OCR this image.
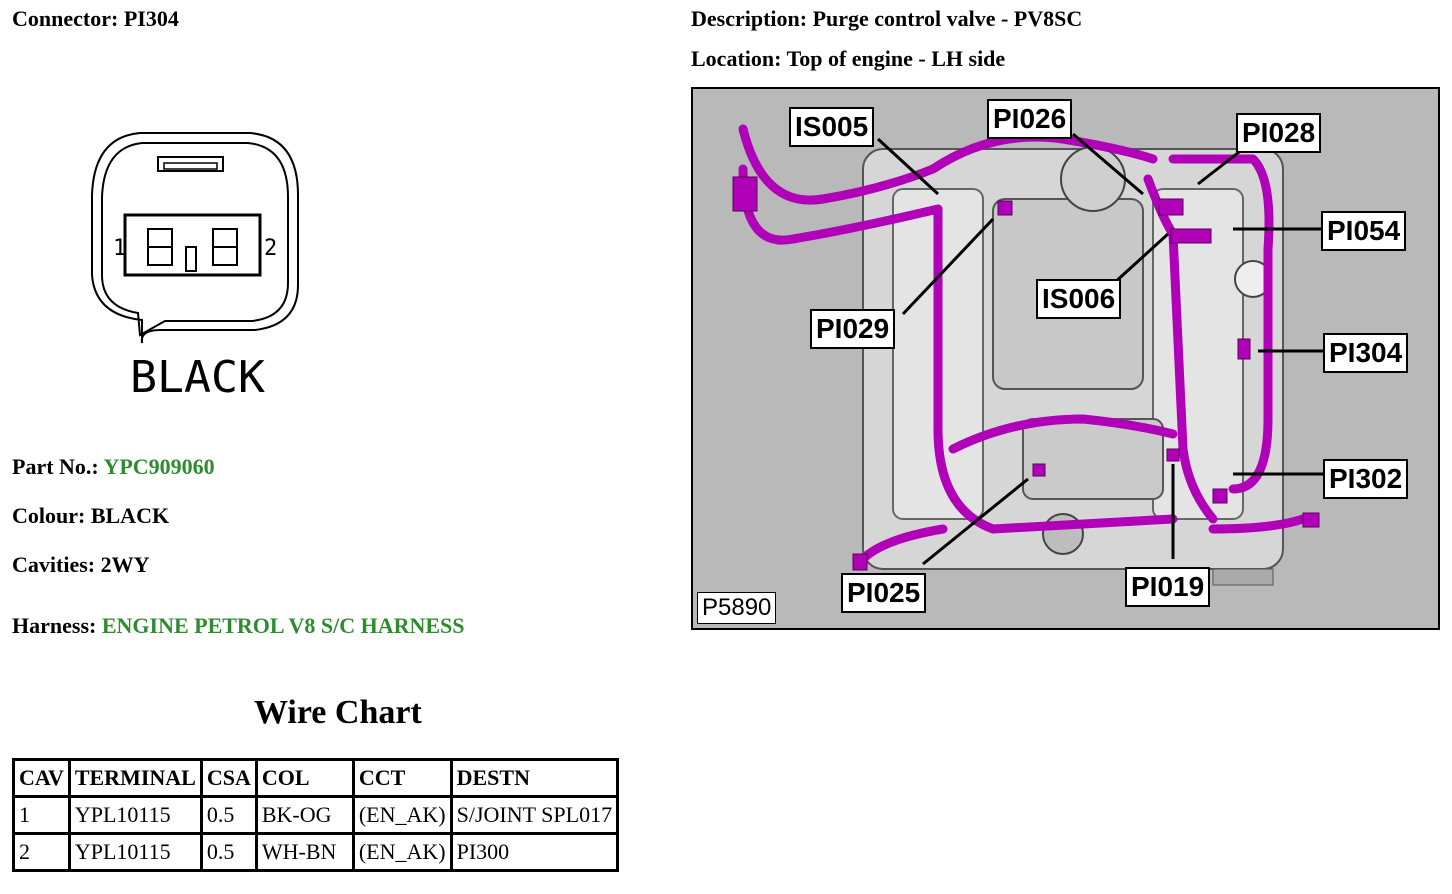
Connector: PI304	Description: Purge control valve - PV8SC
Location: Top of engine - LH side
1	2
BLACK
Part No.: YPC909060
Colour: BLACK
Cavities: 2WY
Harness: ENGINE PETROL V8 S/C HARNESS
Wire Chart
CAV	TERMINAL	CSA	COL	CCT	DESTN
1	YPL10115	0.5	BK-OG	(EN_AK)	S/JOINT SPL017
2	YPL10115	0.5	WH-BN	(EN_AK)	PI300
IS005	PI026	PI028
PI054
IS006
PI029
PI304
PI302
PI025	PI019
P5890
